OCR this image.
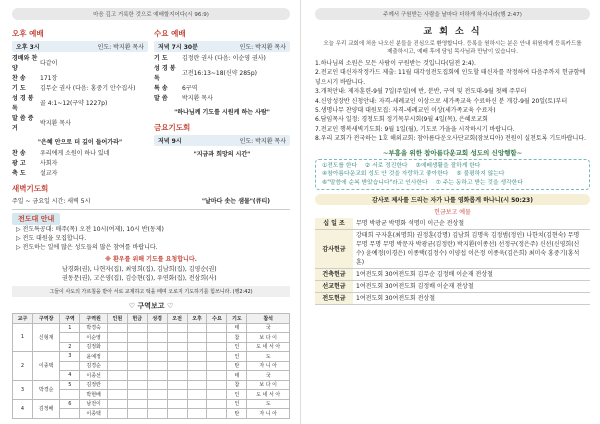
마음 깊고 거룩한 것으로 예배할지어다(시 96:9)
오후 예배
오후 3시	인도: 박지환 목사
경배와 찬양
다같이
찬 송	171장
기 도	김무순 권사 (다음: 홍중기 안수집사)
성 경 봉 독
골 4:1~12(구약 1227p)
말 씀 증 거
박지환 목사
"은혜 안으로 더 깊이 들어가라"
찬 송	우리에게 소원이 하나 있네
광 고	사회자
축 도	설교자
수요 예배
저녁 7시 30분	인도: 박지환 목사
기 도	김정란 권사 (다음: 이순영 권사)
성 경 봉 독
고전16:13~18(신약 285p)
특 송	6구역
말 씀	박지환 목사
"하나님께 기도를 시원케 하는 사람"
금요기도회
저녁 9시	인도: 박지환 목사
"지금과 희망의 시간"
새벽기도회
주일 ~ 금요일 시간: 새벽 5시	"날마다 솟는 샘물"(큐티)
전도대 안내
▷ 전도특공대: 매주(목) 오전 10시(여제), 10시 반(동제)
▷ 전도 대원을 모집합니다.
▷ 전도하는 일에 많은 성도들의 많은 참여를 바랍니다.
※ 환우를 위해 기도를 요청합니다.
남경화(권), 나현자(집), 최영희(집), 김남희(집), 김영순(권)
권동문(권), 고은영(집), 김승현(집), 우연화(집), 전삼희(사)
그들이 사도의 가르침을 받아 서로 교제하고 떡을 떼며 오로지 기도하기를 힘쓰니라. (행2:42)
♡ 구역보고 ♡
교구	구역장	구역	구역원	인원	헌금	성경	오전	오후	수요	기도	참석
1	신형재	1	박경숙							태	국
			이순영							참	보 다 이
		2	김정화							인	도 네 서 아
2	이종택	3	윤예정							인	도
			김경순							탄	자 니 아
		4	이종선							태	국
3	박경순	5	김정란							참	보 다 이
			박현배							인	도 네 서 아
4	김정배	6	남전이							인	도
			이종택							탄	자 니 아
주께서 구원받는 사람을 날마다 더하게 하시니라(행 2:47)
교 회 소 식
오늘 우리 교회에 처음 나오신 분들을 진심으로 환영합니다. 등록을 원하시는 분은 안내 위원에게 등록카드를 제출하시고, 예배 후에 담임 목사님과 만남이 있습니다.
1.하나님의 소원은 모든 사람이 구원받는 것입니다(딤전 2:4).
2.전교인 대신자작정카드 제출: 11월 대각성전도집회에 인도할 태신자를 작정하여 다음주까지 헌금함에 넣으시기 바랍니다.
3.개척안내: 제자훈련-9월 7일(주일)에 반, 분반, 구역 및 전도대-9월 첫째 주부터
4.신앙성장반 신청안내: 자격-세례교인 이상으로 세가족교육 수료하신 분 개강-9월 20일(토)부터
5.생명나무 찬양대 대원모집: 자격-세례교인 이상(세가족교육 수료자)
6.담임목사 일정: 경청도회 정기목부시회(9월 4일(목), 은혜로교회
7.전교인 행복새벽기도회: 9월 1일(월), 기도로 가을을 시작하시기 바랍니다.
8.우리 교회가 전국하는 1호 해외교회: 참아름다운오사단교회(잠보디아) 전원이 실천토록 기도바랍니다.
~부흥을 위한 참아름다운교회 성도의 신앙행함~
①전도를 한다 ② 서로 정진한다 ③예배생활을 잘하게 한다
④참아름다운교회 성도 안 것을 자랑하고 좋아한다 ⑤ 불평하지 않는다
⑥"말씀에 순복 받았습니다"라고 인사한다 ⑦ 주는 동하고 받는 것을 생각한다
감사로 제사를 드리는 자가 나를 영화롭게 하나니(시 50:23)
헌금보고 예물
십 일 조	무명 박광균 박명화 석명미 이근순 전상철
감사헌금	강태희 구자훈(최명희) 권정훈(강명) 김남희 김명욱 김정범(정인) 나한치(김현숙) 무명 무명 무명 무명 박문자 박광균(김정란) 박지환(이종선) 선정구(정은주) 신선(신영희(신수) 윤예정(이경은) 이종택(김정수) 이양섭 이은정 이종욱(김은희) 최미숙 홍중기(홍석훈)
건축헌금	1여전도회 30여전도회 김무순 김정배 이순재 전상철
선교헌금	1여전도회 30여전도회 김정배 이순재 전상철
전도헌금	1여전도회 30여전도회 전상철
